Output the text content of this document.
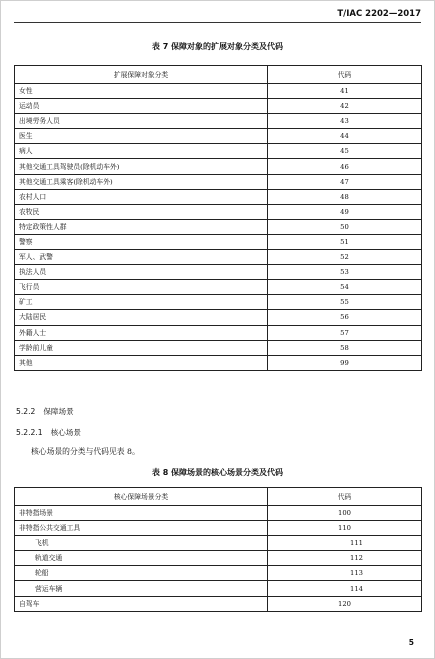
T/IAC 2202—2017
表 7 保障对象的扩展对象分类及代码
扩展保障对象分类	代码
女性	41
运动员	42
出境劳务人员	43
医生	44
病人	45
其他交通工具驾驶员(除机动车外)	46
其他交通工具乘客(除机动车外)	47
农村人口	48
农牧民	49
特定政策性人群	50
警察	51
军人、武警	52
执法人员	53
飞行员	54
矿工	55
大陆居民	56
外籍人士	57
学龄前儿童	58
其他	99
5.2.2 保障场景
5.2.2.1 核心场景
核心场景的分类与代码见表 8。
表 8 保障场景的核心场景分类及代码
核心保障场景分类	代码
非特指场景	100
非特指公共交通工具	110
飞机	111
轨道交通	112
轮船	113
营运车辆	114
自驾车	120
5
